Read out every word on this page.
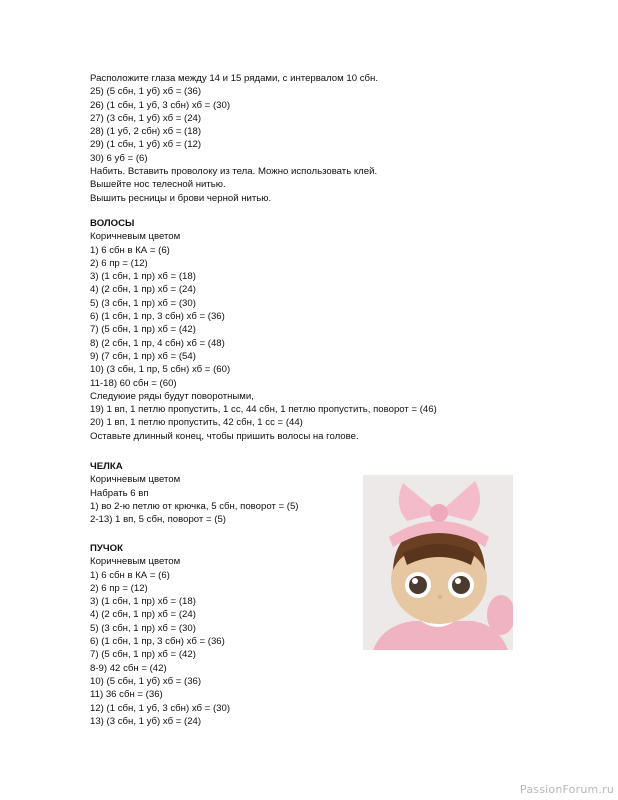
Расположите глаза между 14 и 15 рядами, с интервалом 10 сбн.
25) (5 сбн, 1 уб) хб = (36)
26) (1 сбн, 1 уб, 3 сбн) хб = (30)
27) (3 сбн, 1 уб) хб = (24)
28) (1 уб, 2 сбн) хб = (18)
29) (1 сбн, 1 уб) хб = (12)
30) 6 уб = (6)
Набить. Вставить проволоку из тела. Можно использовать клей.
Вышейте нос телесной нитью.
Вышить ресницы и брови черной нитью.
ВОЛОСЫ
Коричневым цветом
1) 6 сбн в КА = (6)
2) 6 пр = (12)
3) (1 сбн, 1 пр) хб = (18)
4) (2 сбн, 1 пр) хб = (24)
5) (3 сбн, 1 пр) хб = (30)
6) (1 сбн, 1 пр, 3 сбн) хб = (36)
7) (5 сбн, 1 пр) хб = (42)
8) (2 сбн, 1 пр, 4 сбн) хб = (48)
9) (7 сбн, 1 пр) хб = (54)
10) (3 сбн, 1 пр, 5 сбн) хб = (60)
11-18) 60 сбн = (60)
Следуюие ряды будут поворотными,
19) 1 вп, 1 петлю пропустить, 1 сс, 44 сбн, 1 петлю пропустить, поворот = (46)
20) 1 вп, 1 петлю пропустить, 42 сбн, 1 сс = (44)
Оставьте длинный конец, чтобы пришить волосы на голове.
ЧЕЛКА
Коричневым цветом
Набрать 6 вп
1) во 2-ю петлю от крючка, 5 сбн, поворот = (5)
2-13) 1 вп, 5 сбн, поворот = (5)
ПУЧОК
Коричневым цветом
1) 6 сбн в КА = (6)
2) 6 пр = (12)
3) (1 сбн, 1 пр) хб = (18)
4) (2 сбн, 1 пр) хб = (24)
5) (3 сбн, 1 пр) хб = (30)
6) (1 сбн, 1 пр, 3 сбн) хб = (36)
7) (5 сбн, 1 пр) хб = (42)
8-9) 42 сбн = (42)
10) (5 сбн, 1 уб) хб = (36)
11) 36 сбн = (36)
12) (1 сбн, 1 уб, 3 сбн) хб = (30)
13) (3 сбн, 1 уб) хб = (24)
PassionForum.ru
